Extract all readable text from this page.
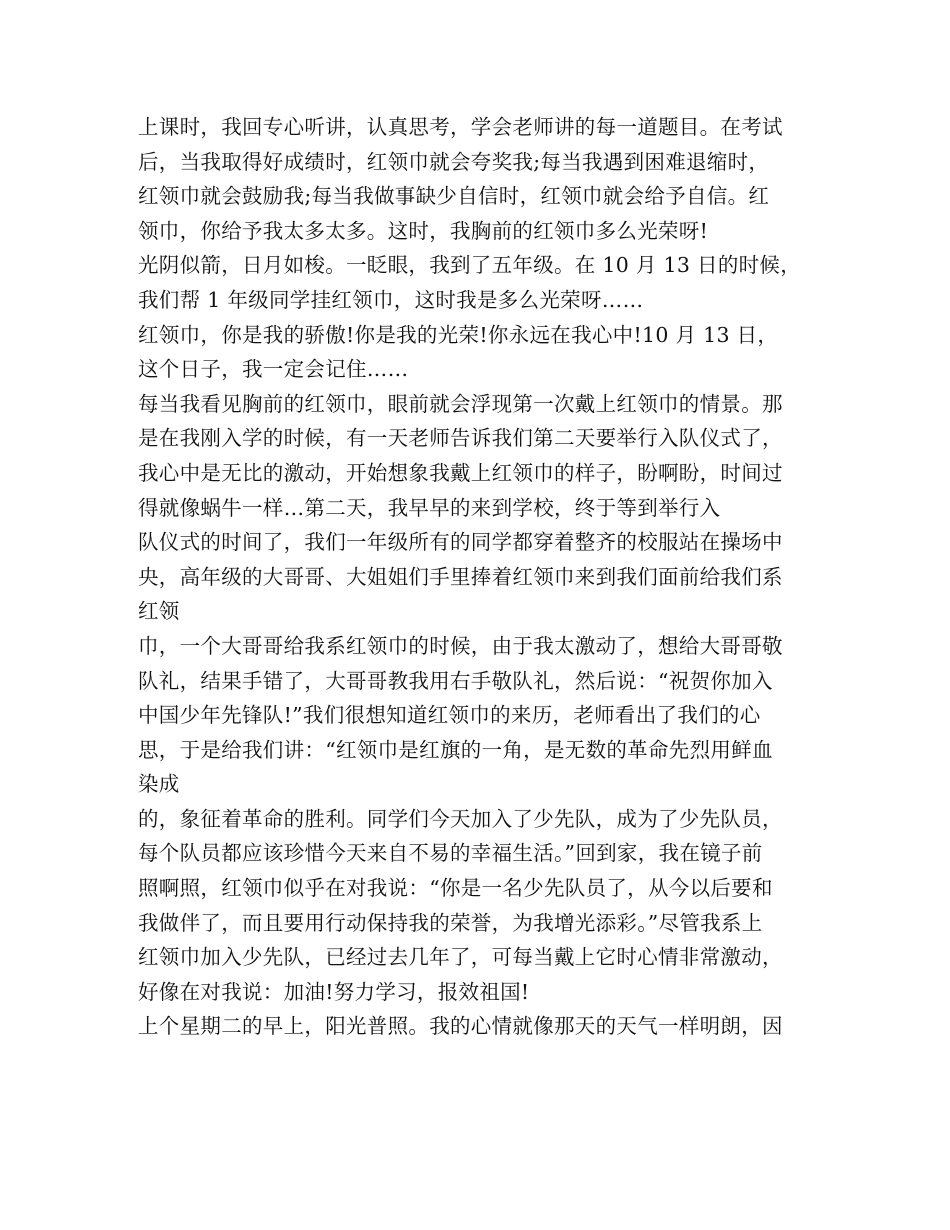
上课时，我回专心听讲，认真思考，学会老师讲的每一道题目。在考试
后，当我取得好成绩时，红领巾就会夸奖我;每当我遇到困难退缩时，
红领巾就会鼓励我;每当我做事缺少自信时，红领巾就会给予自信。红
领巾，你给予我太多太多。这时，我胸前的红领巾多么光荣呀!
光阴似箭，日月如梭。一眨眼，我到了五年级。在 10 月 13 日的时候，
我们帮 1 年级同学挂红领巾，这时我是多么光荣呀……
红领巾，你是我的骄傲!你是我的光荣!你永远在我心中!10 月 13 日，
这个日子，我一定会记住……
每当我看见胸前的红领巾，眼前就会浮现第一次戴上红领巾的情景。那
是在我刚入学的时候，有一天老师告诉我们第二天要举行入队仪式了，
我心中是无比的激动，开始想象我戴上红领巾的样子，盼啊盼，时间过
得就像蜗牛一样…第二天，我早早的来到学校，终于等到举行入
队仪式的时间了，我们一年级所有的同学都穿着整齐的校服站在操场中
央，高年级的大哥哥、大姐姐们手里捧着红领巾来到我们面前给我们系
红领
巾，一个大哥哥给我系红领巾的时候，由于我太激动了，想给大哥哥敬
队礼，结果手错了，大哥哥教我用右手敬队礼，然后说：“祝贺你加入
中国少年先锋队!”我们很想知道红领巾的来历，老师看出了我们的心
思，于是给我们讲：“红领巾是红旗的一角，是无数的革命先烈用鲜血
染成
的，象征着革命的胜利。同学们今天加入了少先队，成为了少先队员，
每个队员都应该珍惜今天来自不易的幸福生活。”回到家，我在镜子前
照啊照，红领巾似乎在对我说：“你是一名少先队员了，从今以后要和
我做伴了，而且要用行动保持我的荣誉，为我增光添彩。”尽管我系上
红领巾加入少先队，已经过去几年了，可每当戴上它时心情非常激动，
好像在对我说：加油!努力学习，报效祖国!
上个星期二的早上，阳光普照。我的心情就像那天的天气一样明朗，因
